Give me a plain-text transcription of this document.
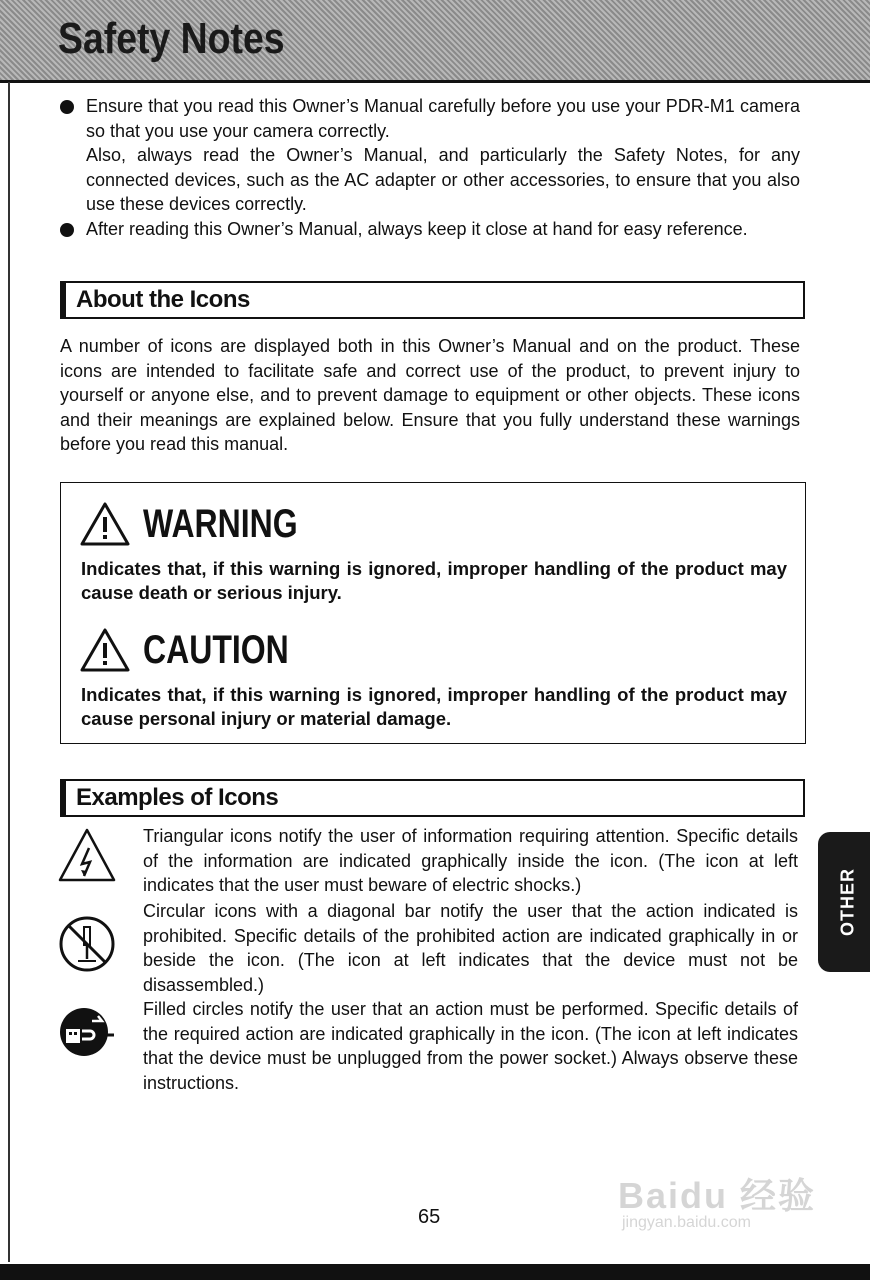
Safety Notes

Ensure that you read this Owner’s Manual carefully before you use your PDR-M1 camera so that you use your camera correctly.

Also, always read the Owner’s Manual, and particularly the Safety Notes, for any connected devices, such as the AC adapter or other accessories, to ensure that you also use these devices correctly.

After reading this Owner’s Manual, always keep it close at hand for easy reference.

About the Icons
A number of icons are displayed both in this Owner’s Manual and on the product. These icons are intended to facilitate safe and correct use of the product, to prevent injury to yourself or anyone else, and to prevent damage to equipment or other objects. These icons and their meanings are explained below. Ensure that you fully understand these warnings before you read this manual.
WARNING
Indicates that, if this warning is ignored, improper handling of the product may cause death or serious injury.
CAUTION
Indicates that, if this warning is ignored, improper handling of the product may cause personal injury or material damage.
Examples of Icons
Triangular icons notify the user of information requiring attention. Specific details of the information are indicated graphically inside the icon. (The icon at left indicates that the user must beware of electric shocks.)
Circular icons with a diagonal bar notify the user that the action indicated is prohibited. Specific details of the prohibited action are indicated graphically in or beside the icon. (The icon at left indicates that the device must not be disassembled.)
Filled circles notify the user that an action must be performed. Specific details of the required action are indicated graphically in the icon. (The icon at left indicates that the device must be unplugged from the power socket.) Always observe these instructions.
OTHER
65
Baidu 经验
jingyan.baidu.com
